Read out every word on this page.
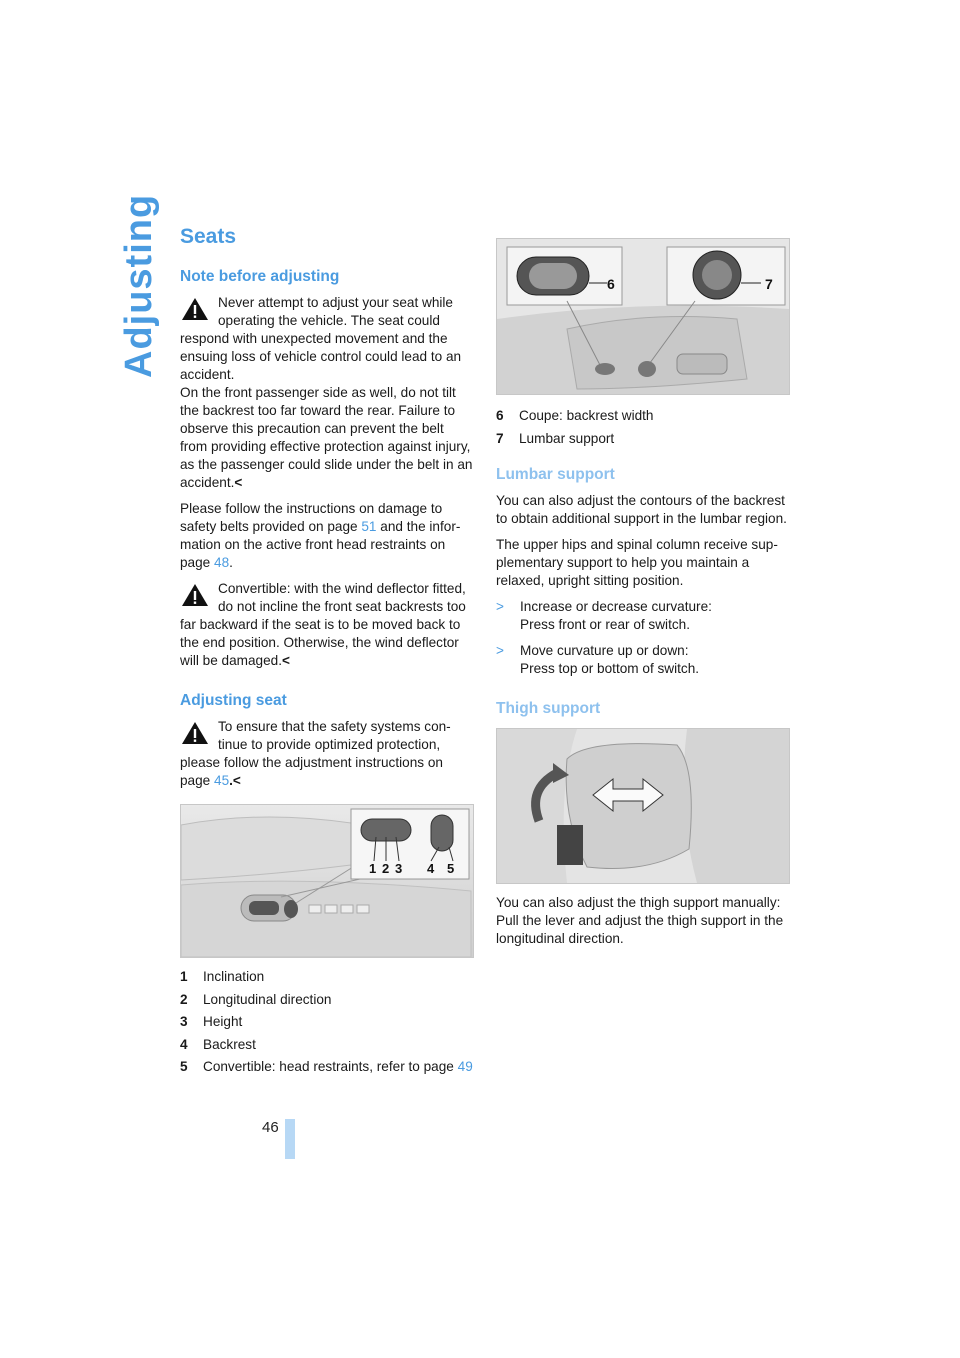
Adjusting Seats
Note before adjusting

Never attempt to adjust your seat while operating the vehicle. The seat could respond with unexpected movement and the ensuing loss of vehicle control could lead to an accident.

On the front passenger side as well, do not tilt the backrest too far toward the rear. Failure to observe this precaution can prevent the belt from providing effective protection against injury, as the passenger could slide under the belt in an accident.<

Please follow the instructions on damage to safety belts provided on page 51 and the infor-mation on the active front head restraints on page 48.

Convertible: with the wind deflector fitted, do not incline the front seat backrests too far backward if the seat is to be moved back to the end position. Otherwise, the wind deflector will be damaged.<

Adjusting seat

To ensure that the safety systems con-tinue to provide optimized protection, please follow the adjustment instructions on page 45.<

1 2 3 4 5
1	Inclination
2	Longitudinal direction
3	Height
4	Backrest
5	Convertible: head restraints, refer to page 49
6	7
6	Coupe: backrest width
7	Lumbar support
Lumbar support

You can also adjust the contours of the backrest to obtain additional support in the lumbar region.

The upper hips and spinal column receive sup-plementary support to help you maintain a relaxed, upright sitting position.

>	Increase or decrease curvature:
Press front or rear of switch.
>	Move curvature up or down:
Press top or bottom of switch.
Thigh support

You can also adjust the thigh support manually: Pull the lever and adjust the thigh support in the longitudinal direction.

46
